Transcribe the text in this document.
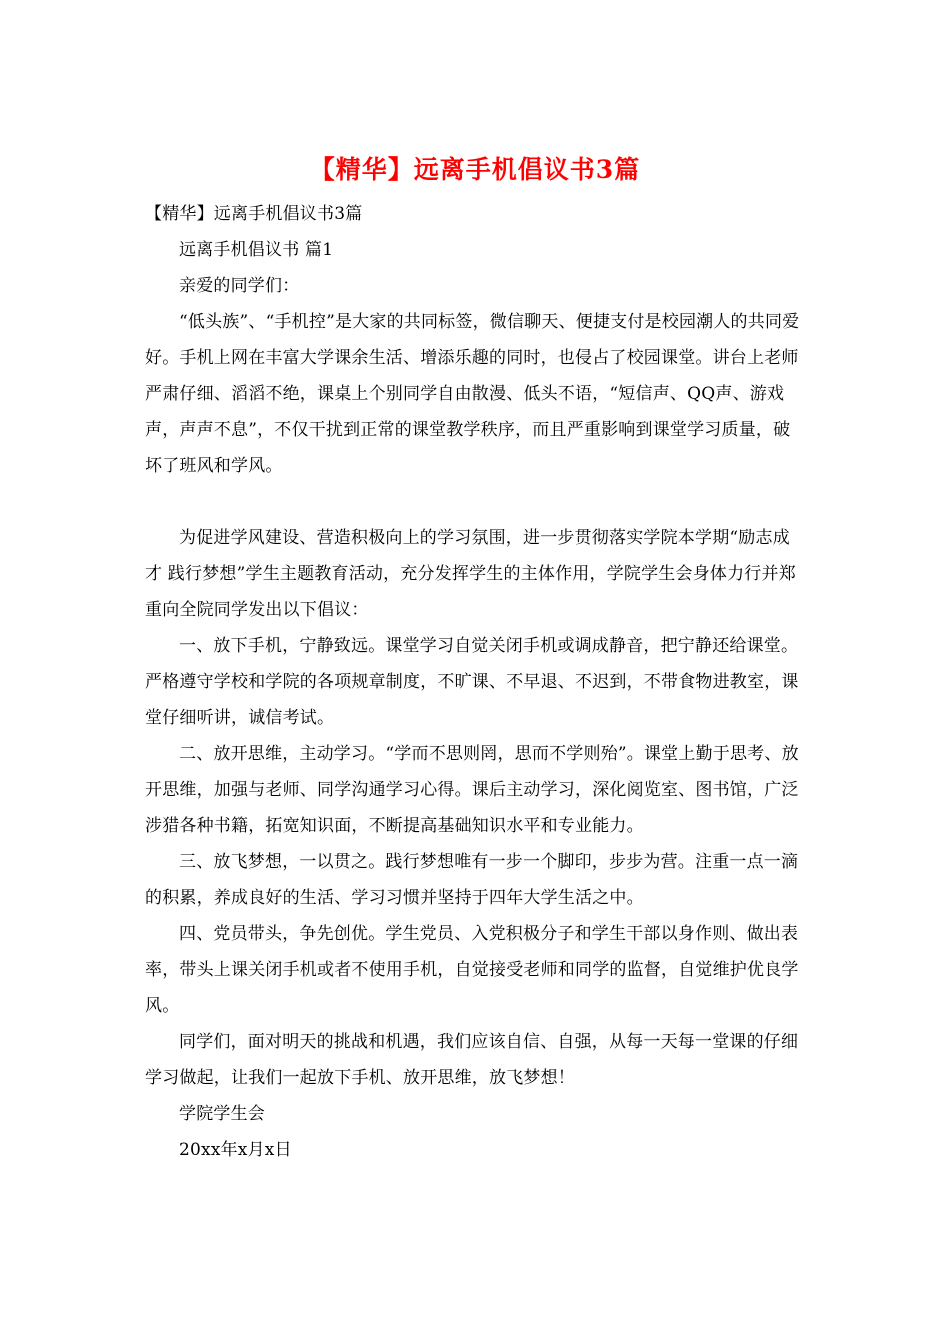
【精华】远离手机倡议书3篇

【精华】远离手机倡议书3篇

远离手机倡议书 篇1

亲爱的同学们：

“低头族”、“手机控”是大家的共同标签，微信聊天、便捷支付是校园潮人的共同爱好。手机上网在丰富大学课余生活、增添乐趣的同时，也侵占了校园课堂。讲台上老师严肃仔细、滔滔不绝，课桌上个别同学自由散漫、低头不语，“短信声、QQ声、游戏声，声声不息”，不仅干扰到正常的课堂教学秩序，而且严重影响到课堂学习质量，破坏了班风和学风。

为促进学风建设、营造积极向上的学习氛围，进一步贯彻落实学院本学期“励志成才 践行梦想”学生主题教育活动，充分发挥学生的主体作用，学院学生会身体力行并郑重向全院同学发出以下倡议：

一、放下手机，宁静致远。课堂学习自觉关闭手机或调成静音，把宁静还给课堂。严格遵守学校和学院的各项规章制度，不旷课、不早退、不迟到，不带食物进教室，课堂仔细听讲，诚信考试。

二、放开思维，主动学习。“学而不思则罔，思而不学则殆”。课堂上勤于思考、放开思维，加强与老师、同学沟通学习心得。课后主动学习，深化阅览室、图书馆，广泛涉猎各种书籍，拓宽知识面，不断提高基础知识水平和专业能力。

三、放飞梦想，一以贯之。践行梦想唯有一步一个脚印，步步为营。注重一点一滴的积累，养成良好的生活、学习习惯并坚持于四年大学生活之中。

四、党员带头，争先创优。学生党员、入党积极分子和学生干部以身作则、做出表率，带头上课关闭手机或者不使用手机，自觉接受老师和同学的监督，自觉维护优良学风。

同学们，面对明天的挑战和机遇，我们应该自信、自强，从每一天每一堂课的仔细学习做起，让我们一起放下手机、放开思维，放飞梦想！

学院学生会

20xx年x月x日
